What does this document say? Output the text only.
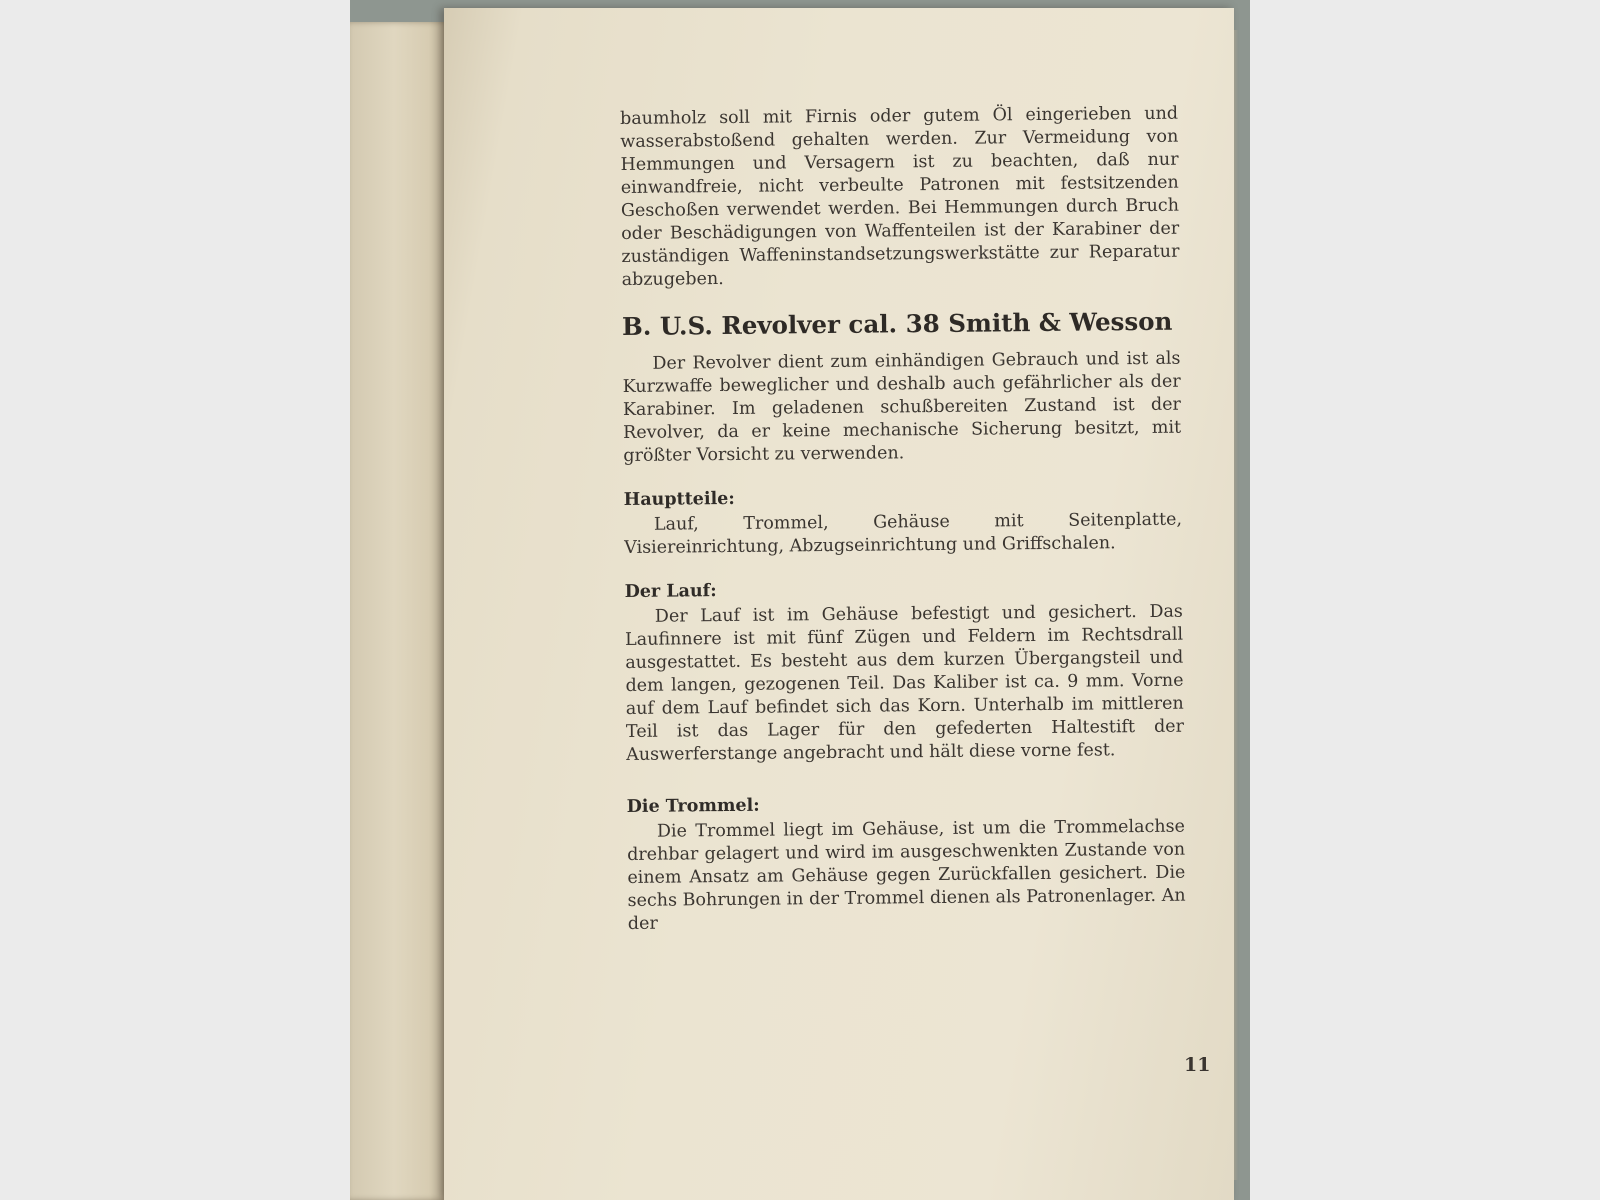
baumholz soll mit Firnis oder gutem Öl eingerieben und wasserabstoßend gehalten werden. Zur Vermeidung von Hemmungen und Versagern ist zu beachten, daß nur einwandfreie, nicht verbeulte Patronen mit festsitzenden Geschoßen verwendet werden. Bei Hemmungen durch Bruch oder Beschädigungen von Waffenteilen ist der Karabiner der zuständigen Waffeninstandsetzungswerkstätte zur Reparatur abzugeben.

B. U.S. Revolver cal. 38 Smith & Wesson

Der Revolver dient zum einhändigen Gebrauch und ist als Kurzwaffe beweglicher und deshalb auch gefährlicher als der Karabiner. Im geladenen schußbereiten Zustand ist der Revolver, da er keine mechanische Sicherung besitzt, mit größter Vorsicht zu verwenden.

Hauptteile:

Lauf, Trommel, Gehäuse mit Seitenplatte, Visiereinrichtung, Abzugseinrichtung und Griffschalen.

Der Lauf:

Der Lauf ist im Gehäuse befestigt und gesichert. Das Laufinnere ist mit fünf Zügen und Feldern im Rechtsdrall ausgestattet. Es besteht aus dem kurzen Übergangsteil und dem langen, gezogenen Teil. Das Kaliber ist ca. 9 mm. Vorne auf dem Lauf befindet sich das Korn. Unterhalb im mittleren Teil ist das Lager für den gefederten Haltestift der Auswerferstange angebracht und hält diese vorne fest.

Die Trommel:

Die Trommel liegt im Gehäuse, ist um die Trommelachse drehbar gelagert und wird im ausgeschwenkten Zustande von einem Ansatz am Gehäuse gegen Zurückfallen gesichert. Die sechs Bohrungen in der Trommel dienen als Patronenlager. An der

11
